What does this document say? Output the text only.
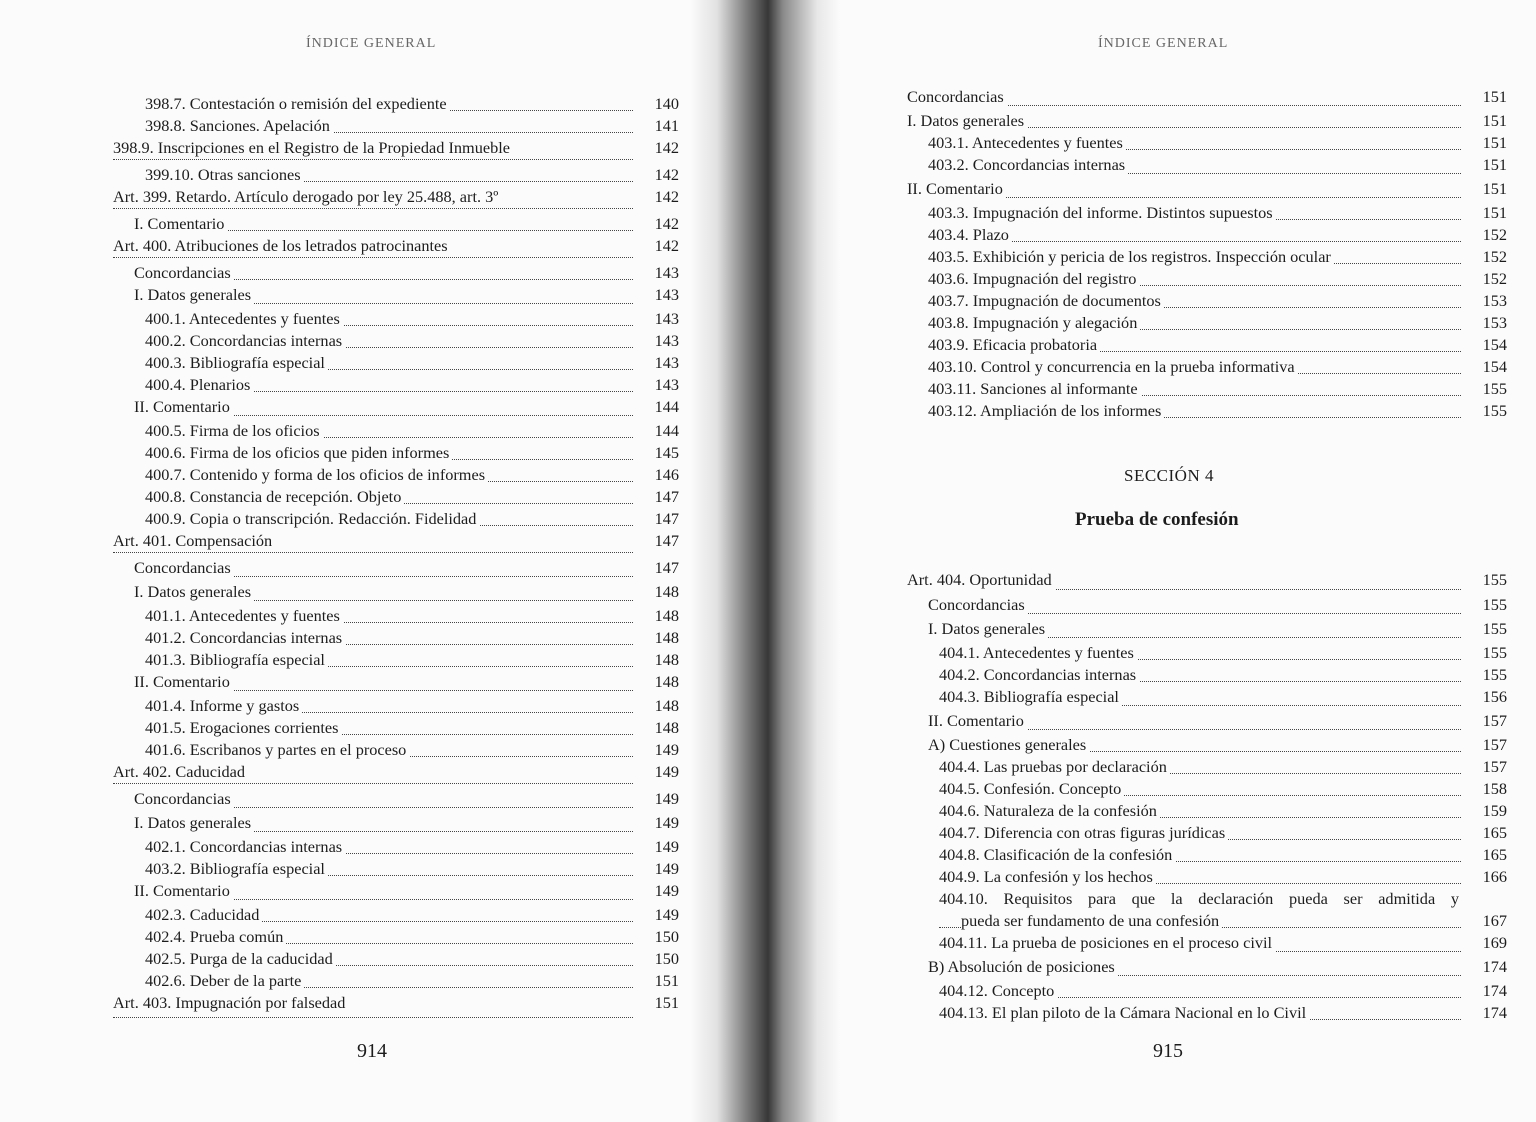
ÍNDICE GENERAL
398.7. Contestación o remisión del expediente	140
398.8. Sanciones. Apelación	141
398.9. Inscripciones en el Registro de la Propiedad Inmueble	142
399.10. Otras sanciones	142
Art. 399. Retardo. Artículo derogado por ley 25.488, art. 3º	142
I. Comentario	142
Art. 400. Atribuciones de los letrados patrocinantes	142
Concordancias	143
I. Datos generales	143
400.1. Antecedentes y fuentes	143
400.2. Concordancias internas	143
400.3. Bibliografía especial	143
400.4. Plenarios	143
II. Comentario	144
400.5. Firma de los oficios	144
400.6. Firma de los oficios que piden informes	145
400.7. Contenido y forma de los oficios de informes	146
400.8. Constancia de recepción. Objeto	147
400.9. Copia o transcripción. Redacción. Fidelidad	147
Art. 401. Compensación	147
Concordancias	147
I. Datos generales	148
401.1. Antecedentes y fuentes	148
401.2. Concordancias internas	148
401.3. Bibliografía especial	148
II. Comentario	148
401.4. Informe y gastos	148
401.5. Erogaciones corrientes	148
401.6. Escribanos y partes en el proceso	149
Art. 402. Caducidad	149
Concordancias	149
I. Datos generales	149
402.1. Concordancias internas	149
403.2. Bibliografía especial	149
II. Comentario	149
402.3. Caducidad	149
402.4. Prueba común	150
402.5. Purga de la caducidad	150
402.6. Deber de la parte	151
Art. 403. Impugnación por falsedad	151
914
ÍNDICE GENERAL
Concordancias	151
I. Datos generales	151
403.1. Antecedentes y fuentes	151
403.2. Concordancias internas	151
II. Comentario	151
403.3. Impugnación del informe. Distintos supuestos	151
403.4. Plazo	152
403.5. Exhibición y pericia de los registros. Inspección ocular	152
403.6. Impugnación del registro	152
403.7. Impugnación de documentos	153
403.8. Impugnación y alegación	153
403.9. Eficacia probatoria	154
403.10. Control y concurrencia en la prueba informativa	154
403.11. Sanciones al informante	155
403.12. Ampliación de los informes	155
SECCIÓN 4
Prueba de confesión
Art. 404. Oportunidad	155
Concordancias	155
I. Datos generales	155
404.1. Antecedentes y fuentes	155
404.2. Concordancias internas	155
404.3. Bibliografía especial	156
II. Comentario	157
A) Cuestiones generales	157
404.4. Las pruebas por declaración	157
404.5. Confesión. Concepto	158
404.6. Naturaleza de la confesión	159
404.7. Diferencia con otras figuras jurídicas	165
404.8. Clasificación de la confesión	165
404.9. La confesión y los hechos	166
404.10. Requisitos para que la declaración pueda ser admitida y
pueda ser fundamento de una confesión	167
404.11. La prueba de posiciones en el proceso civil	169
B) Absolución de posiciones	174
404.12. Concepto	174
404.13. El plan piloto de la Cámara Nacional en lo Civil	174
915
